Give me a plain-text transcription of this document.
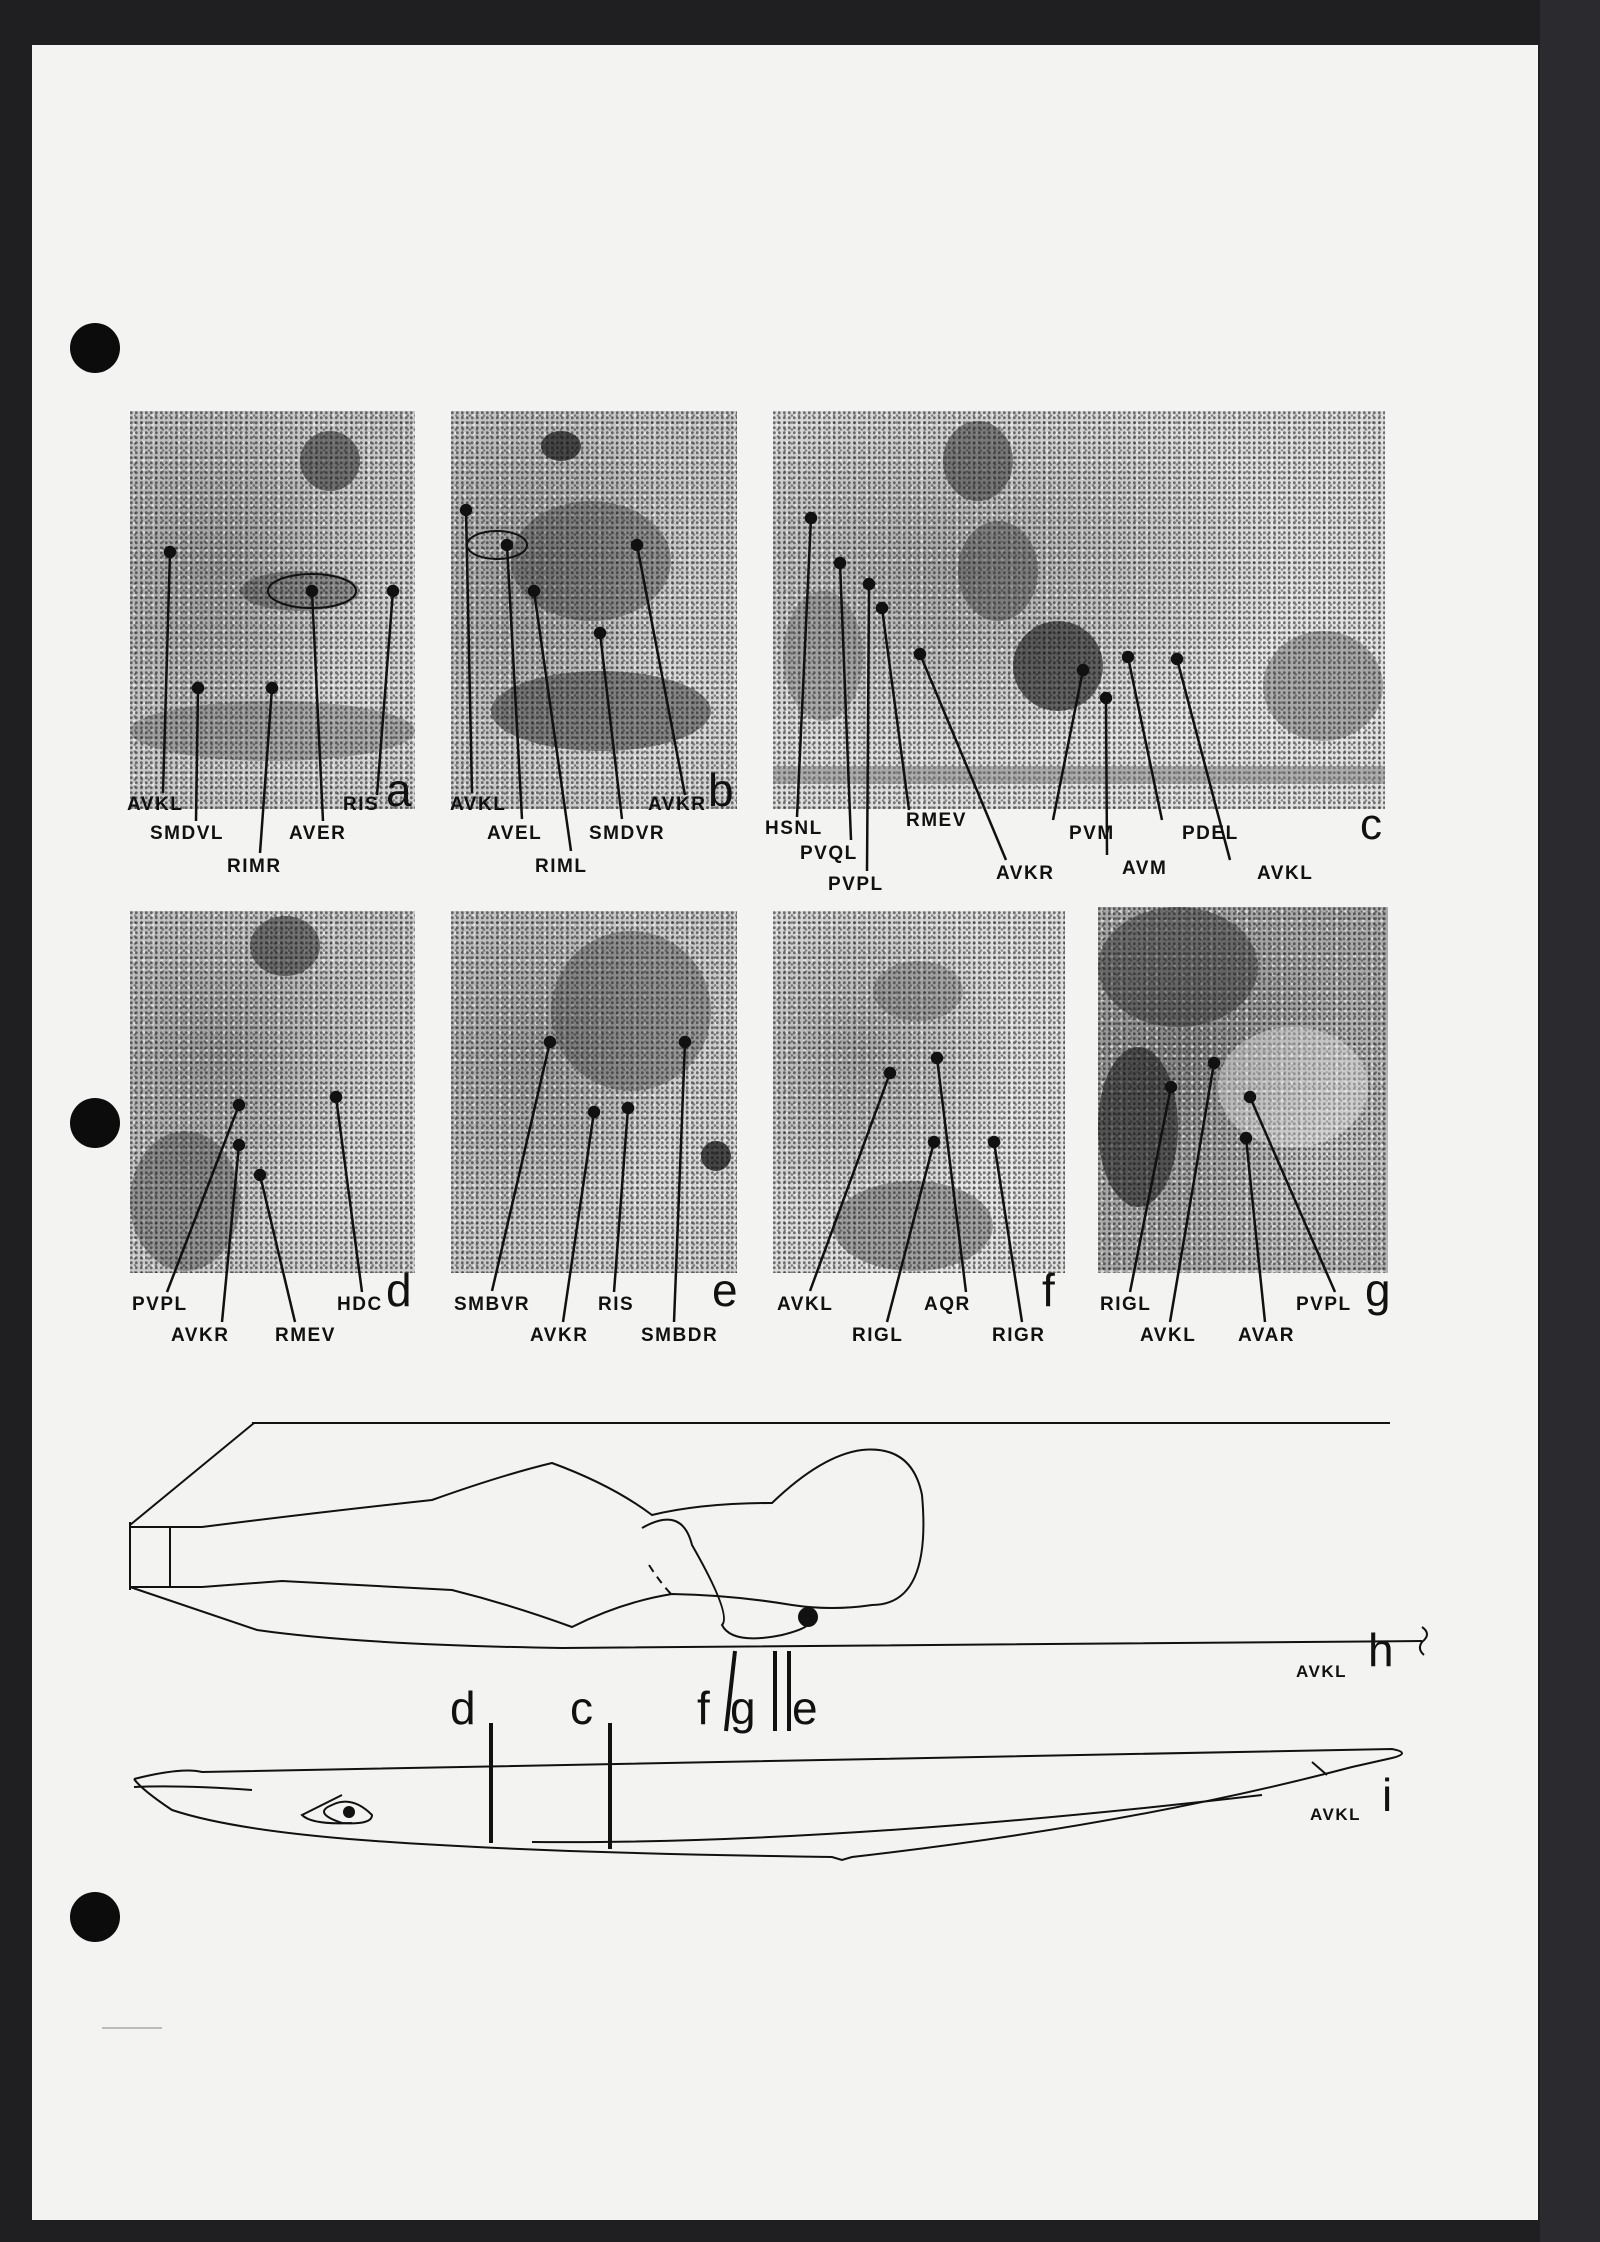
AVKL
SMDVL
RIMR
AVER
RIS a AVKL
AVEL
RIML
SMDVR
AVKR b
HSNL
PVQL
PVPL
RMEV
AVKR
PVM
AVM
PDEL
AVKL
c
PVPL
AVKR RMEV
HDC d SMBVR
AVKR
RIS
SMBDR
e AVKL
RIGL
AQR
RIGR
f RIGL
AVKL AVAR
PVPL g
d c f g e
AVKL h
AVKL i
